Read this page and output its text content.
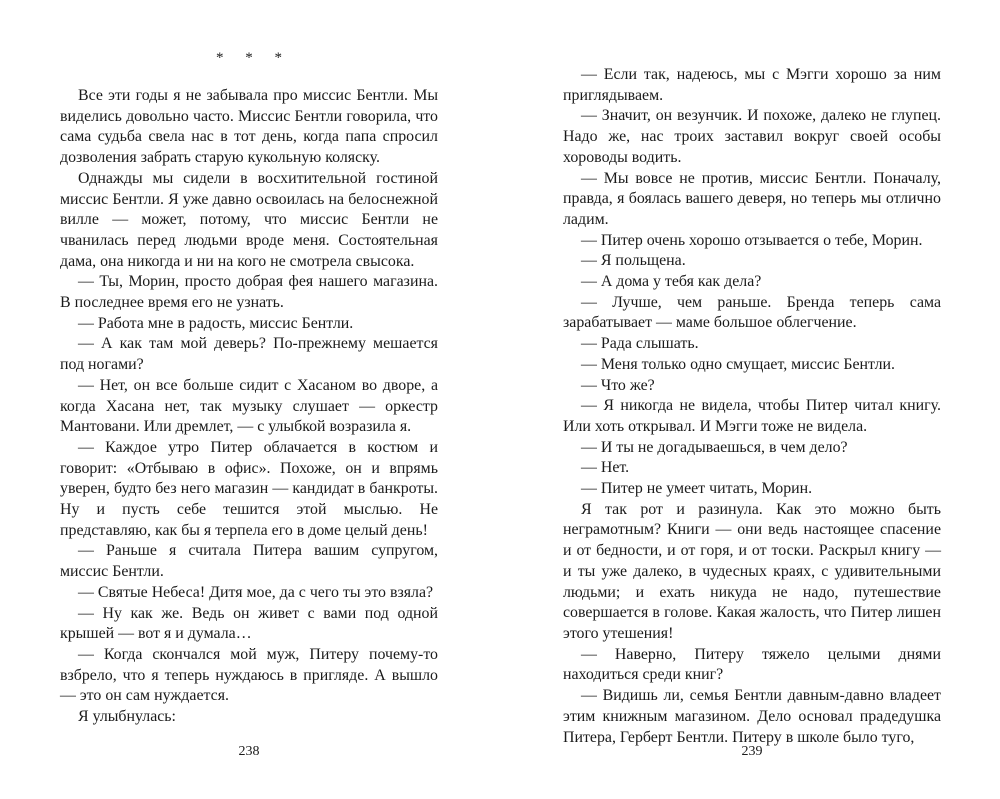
* * *

Все эти годы я не забывала про миссис Бентли. Мы виделись довольно часто. Миссис Бентли говорила, что сама судьба свела нас в тот день, когда папа спросил дозволения забрать старую кукольную коляску.

Однажды мы сидели в восхитительной гостиной миссис Бентли. Я уже давно освоилась на белоснежной вилле — может, потому, что миссис Бентли не чванилась перед людьми вроде меня. Состоятельная дама, она никогда и ни на кого не смотрела свысока.

— Ты, Морин, просто добрая фея нашего магазина. В последнее время его не узнать.

— Работа мне в радость, миссис Бентли.

— А как там мой деверь? По-прежнему мешается под ногами?

— Нет, он все больше сидит с Хасаном во дворе, а когда Хасана нет, так музыку слушает — оркестр Мантовани. Или дремлет, — с улыбкой возразила я.

— Каждое утро Питер облачается в костюм и говорит: «Отбываю в офис». Похоже, он и впрямь уверен, будто без него магазин — кандидат в банкроты. Ну и пусть себе тешится этой мыслью. Не представляю, как бы я терпела его в доме целый день!

— Раньше я считала Питера вашим супругом, миссис Бентли.

— Святые Небеса! Дитя мое, да с чего ты это взяла?

— Ну как же. Ведь он живет с вами под одной крышей — вот я и думала…

— Когда скончался мой муж, Питеру почему-то взбрело, что я теперь нуждаюсь в пригляде. А вышло — это он сам нуждается.

Я улыбнулась:

238

— Если так, надеюсь, мы с Мэгги хорошо за ним приглядываем.

— Значит, он везунчик. И похоже, далеко не глупец. Надо же, нас троих заставил вокруг своей особы хороводы водить.

— Мы вовсе не против, миссис Бентли. Поначалу, правда, я боялась вашего деверя, но теперь мы отлично ладим.

— Питер очень хорошо отзывается о тебе, Морин.

— Я польщена.

— А дома у тебя как дела?

— Лучше, чем раньше. Бренда теперь сама зарабатывает — маме большое облегчение.

— Рада слышать.

— Меня только одно смущает, миссис Бентли.

— Что же?

— Я никогда не видела, чтобы Питер читал книгу. Или хоть открывал. И Мэгги тоже не видела.

— И ты не догадываешься, в чем дело?

— Нет.

— Питер не умеет читать, Морин.

Я так рот и разинула. Как это можно быть неграмотным? Книги — они ведь настоящее спасение и от бедности, и от горя, и от тоски. Раскрыл книгу — и ты уже далеко, в чудесных краях, с удивительными людьми; и ехать никуда не надо, путешествие совершается в голове. Какая жалость, что Питер лишен этого утешения!

— Наверно, Питеру тяжело целыми днями находиться среди книг?

— Видишь ли, семья Бентли давным-давно владеет этим книжным магазином. Дело основал прадедушка Питера, Герберт Бентли. Питеру в школе было туго,

239
